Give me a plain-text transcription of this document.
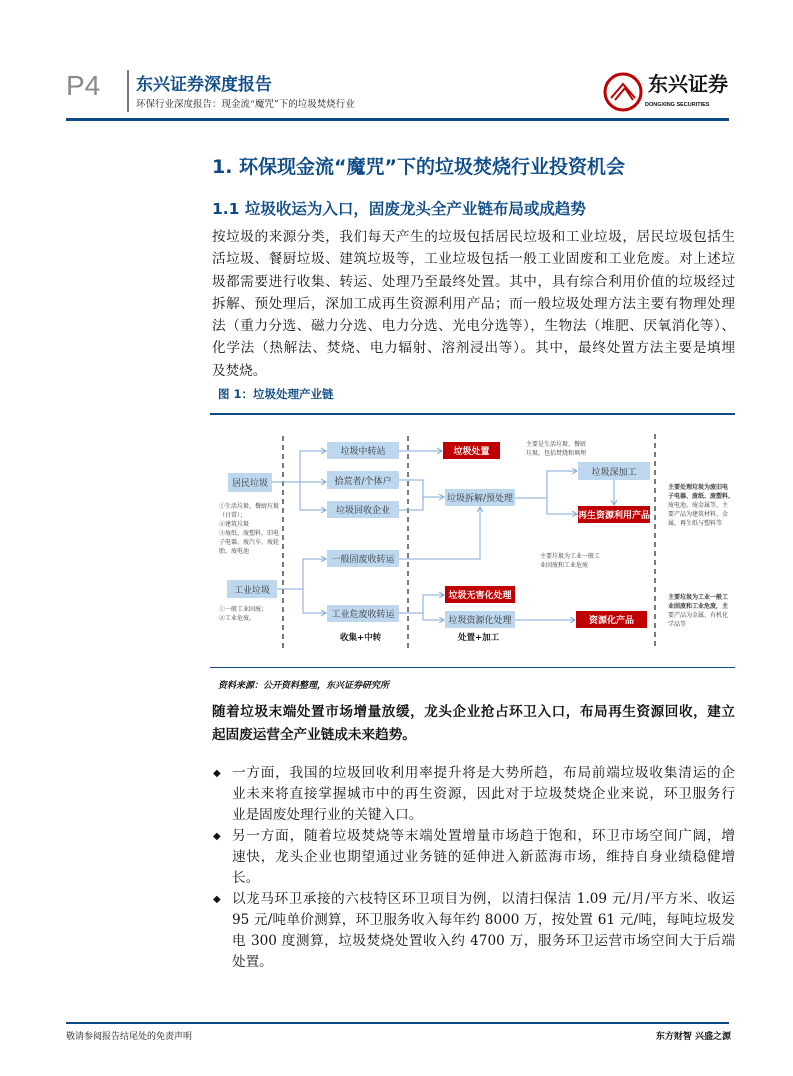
P4 东兴证券深度报告
环保行业深度报告：现金流“魔咒”下的垃圾焚烧行业
东兴证券
DONGXING SECURITIES
1. 环保现金流“魔咒”下的垃圾焚烧行业投资机会
1.1 垃圾收运为入口，固废龙头全产业链布局或成趋势
按垃圾的来源分类，我们每天产生的垃圾包括居民垃圾和工业垃圾，居民垃圾包括生
活垃圾、餐厨垃圾、建筑垃圾等，工业垃圾包括一般工业固废和工业危废。对上述垃
圾都需要进行收集、转运、处理乃至最终处置。其中，具有综合利用价值的垃圾经过
拆解、预处理后，深加工成再生资源利用产品；而一般垃圾处理方法主要有物理处理
法（重力分选、磁力分选、电力分选、光电分选等），生物法（堆肥、厌氧消化等）、
化学法（热解法、焚烧、电力辐射、溶剂浸出等）。其中，最终处置方法主要是填埋
及焚烧。
图 1：垃圾处理产业链
居民垃圾
工业垃圾
垃圾中转站
拾荒者/个体户
垃圾回收企业
一般固废收转运
工业危废收转运
垃圾处置
垃圾拆解/预处理
垃圾无害化处理
垃圾资源化处理
垃圾深加工
再生资源利用产品
资源化产品
收集+中转	处置+加工
①生活垃圾、餐厨垃圾
（日常）；
②建筑垃圾
③废纸、废塑料、旧电
子电器、废汽车、废轮
胎、废电池
①一般工业固废；
②工业危废。
主要是生活垃圾、餐厨
垃圾，包括焚烧和填埋
主要垃圾为工业一般工
业固废和工业危废
主要处理垃圾为废旧电
子电器、废纸、废塑料、
废电池、废金属等，主
要产品为建筑材料、金
属、再生纸与塑料等
主要垃圾为工业一般工
业固废和工业危废，主
要产品为金属、有机化
学品等
资料来源：公开资料整理，东兴证券研究所
随着垃圾末端处置市场增量放缓，龙头企业抢占环卫入口，布局再生资源回收，建立
起固废运营全产业链成未来趋势。
◆ 一方面，我国的垃圾回收利用率提升将是大势所趋，布局前端垃圾收集清运的企
业未来将直接掌握城市中的再生资源，因此对于垃圾焚烧企业来说，环卫服务行
业是固废处理行业的关键入口。
◆ 另一方面，随着垃圾焚烧等末端处置增量市场趋于饱和，环卫市场空间广阔，增
速快，龙头企业也期望通过业务链的延伸进入新蓝海市场，维持自身业绩稳健增
长。
◆ 以龙马环卫承接的六枝特区环卫项目为例，以清扫保洁 1.09 元/月/平方米、收运
95 元/吨单价测算，环卫服务收入每年约 8000 万，按处置 61 元/吨，每吨垃圾发
电 300 度测算，垃圾焚烧处置收入约 4700 万，服务环卫运营市场空间大于后端
处置。
敬请参阅报告结尾处的免责声明	东方财智 兴盛之源
